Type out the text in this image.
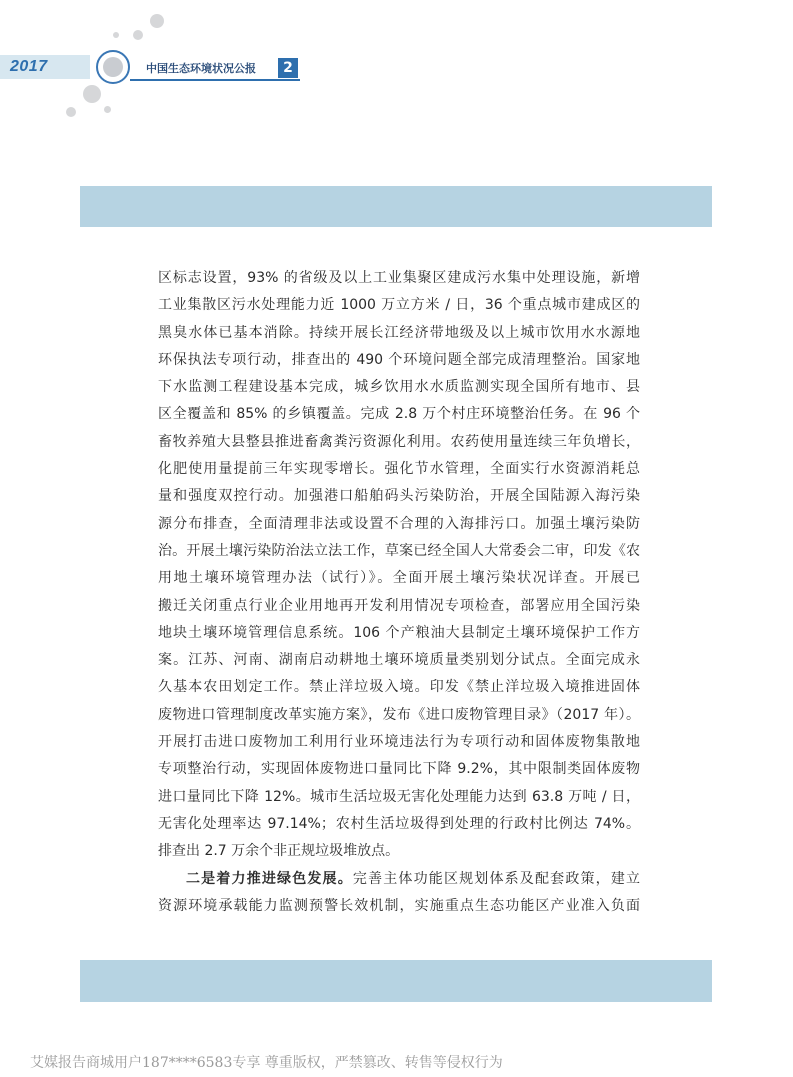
2017	中国生态环境状况公报	2
区标志设置，93% 的省级及以上工业集聚区建成污水集中处理设施，新增
工业集散区污水处理能力近 1000 万立方米 / 日，36 个重点城市建成区的
黑臭水体已基本消除。持续开展长江经济带地级及以上城市饮用水水源地
环保执法专项行动，排查出的 490 个环境问题全部完成清理整治。国家地
下水监测工程建设基本完成，城乡饮用水水质监测实现全国所有地市、县
区全覆盖和 85% 的乡镇覆盖。完成 2.8 万个村庄环境整治任务。在 96 个
畜牧养殖大县整县推进畜禽粪污资源化利用。农药使用量连续三年负增长，
化肥使用量提前三年实现零增长。强化节水管理，全面实行水资源消耗总
量和强度双控行动。加强港口船舶码头污染防治，开展全国陆源入海污染
源分布排查，全面清理非法或设置不合理的入海排污口。加强土壤污染防
治。开展土壤污染防治法立法工作，草案已经全国人大常委会二审，印发《农
用地土壤环境管理办法（试行）》。全面开展土壤污染状况详查。开展已
搬迁关闭重点行业企业用地再开发利用情况专项检查，部署应用全国污染
地块土壤环境管理信息系统。106 个产粮油大县制定土壤环境保护工作方
案。江苏、河南、湖南启动耕地土壤环境质量类别划分试点。全面完成永
久基本农田划定工作。禁止洋垃圾入境。印发《禁止洋垃圾入境推进固体
废物进口管理制度改革实施方案》，发布《进口废物管理目录》（2017 年）。
开展打击进口废物加工利用行业环境违法行为专项行动和固体废物集散地
专项整治行动，实现固体废物进口量同比下降 9.2%，其中限制类固体废物
进口量同比下降 12%。城市生活垃圾无害化处理能力达到 63.8 万吨 / 日，
无害化处理率达 97.14%；农村生活垃圾得到处理的行政村比例达 74%。
排查出 2.7 万余个非正规垃圾堆放点。
二是着力推进绿色发展。完善主体功能区规划体系及配套政策，建立
资源环境承载能力监测预警长效机制，实施重点生态功能区产业准入负面
艾媒报告商城用户187****6583专享 尊重版权，严禁篡改、转售等侵权行为
